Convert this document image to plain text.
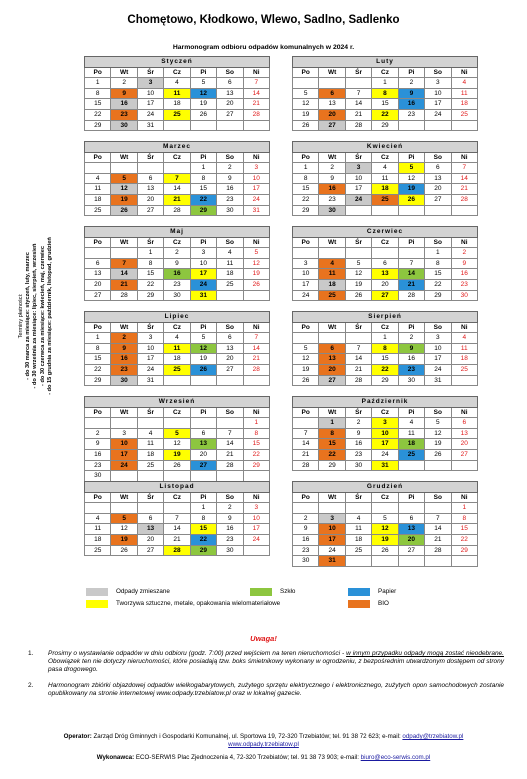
Chomętowo, Kłodkowo, Wlewo, Sadlno, Sadlenko
Harmonogram odbioru odpadów komunalnych w 2024 r.
Terminy płatności: - do 30 marca za miesiące: styczeń, luty, marzec - do 30 września za miesiące: lipiec, sierpień, wrzesień - do 30 czerwca za miesiące: kwiecień, maj, czerwiec - do 15 grudnia za miesiące: październik, listopad, grudzień
Styczeń						
Po	Wt	Śr	Cz	Pi	So	Ni
1	2	3	4	5	6	7
8	9	10	11	12	13	14
15	16	17	18	19	20	21
22	23	24	25	26	27	28
29	30	31				
Luty						
Po	Wt	Śr	Cz	Pi	So	Ni
			1	2	3	4
5	6	7	8	9	10	11
12	13	14	15	16	17	18
19	20	21	22	23	24	25
26	27	28	29			
Marzec						
Po	Wt	Śr	Cz	Pi	So	Ni
				1	2	3
4	5	6	7	8	9	10
11	12	13	14	15	16	17
18	19	20	21	22	23	24
25	26	27	28	29	30	31
Kwiecień						
Po	Wt	Śr	Cz	Pi	So	Ni
1	2	3	4	5	6	7
8	9	10	11	12	13	14
15	16	17	18	19	20	21
22	23	24	25	26	27	28
29	30					
Maj						
Po	Wt	Śr	Cz	Pi	So	Ni
		1	2	3	4	5
6	7	8	9	10	11	12
13	14	15	16	17	18	19
20	21	22	23	24	25	26
27	28	29	30	31		
Czerwiec						
Po	Wt	Śr	Cz	Pi	So	Ni
					1	2
3	4	5	6	7	8	9
10	11	12	13	14	15	16
17	18	19	20	21	22	23
24	25	26	27	28	29	30
Lipiec						
Po	Wt	Śr	Cz	Pi	So	Ni
1	2	3	4	5	6	7
8	9	10	11	12	13	14
15	16	17	18	19	20	21
22	23	24	25	26	27	28
29	30	31				
Sierpień						
Po	Wt	Śr	Cz	Pi	So	Ni
			1	2	3	4
5	6	7	8	9	10	11
12	13	14	15	16	17	18
19	20	21	22	23	24	25
26	27	28	29	30	31	
Wrzesień						
Po	Wt	Śr	Cz	Pi	So	Ni
						1
2	3	4	5	6	7	8
9	10	11	12	13	14	15
16	17	18	19	20	21	22
23	24	25	26	27	28	29
30						
Październik						
Po	Wt	Śr	Cz	Pi	So	Ni
	1	2	3	4	5	6
7	8	9	10	11	12	13
14	15	16	17	18	19	20
21	22	23	24	25	26	27
28	29	30	31			
Listopad						
Po	Wt	Śr	Cz	Pi	So	Ni
				1	2	3
4	5	6	7	8	9	10
11	12	13	14	15	16	17
18	19	20	21	22	23	24
25	26	27	28	29	30	
Grudzień						
Po	Wt	Śr	Cz	Pi	So	Ni
						1
2	3	4	5	6	7	8
9	10	11	12	13	14	15
16	17	18	19	20	21	22
23	24	25	26	27	28	29
30	31					
Odpady zmieszane	Szkło	Papier
Tworzywa sztuczne, metale, opakowania wielomateriałowe	BIO
Uwaga!
1. Prosimy o wystawianie odpadów w dniu odbioru (godz. 7:00) przed wejściem na teren nieruchomości - w innym przypadku odpady mogą zostać nieodebrane. Obowiązek ten nie dotyczy nieruchomości, które posiadają tzw. boks śmietnikowy wykonany w ogrodzeniu, z bezpośrednim utwardzonym dostępem od strony pasa drogowego.
2. Harmonogram zbiórki objazdowej odpadów wielkogabarytowych, zużytego sprzętu elektrycznego i elektronicznego, zużytych opon samochodowych zostanie opublikowany na stronie internetowej www.odpady.trzebiatow.pl oraz w lokalnej gazecie.
Operator: Zarząd Dróg Gminnych i Gospodarki Komunalnej, ul. Sportowa 19, 72-320 Trzebiatów; tel. 91 38 72 623; e-mail: odpady@trzebiatow.pl
www.odpady.trzebiatow.pl
Wykonawca: ECO-SERWIS Plac Zjednoczenia 4, 72-320 Trzebiatów; tel. 91 38 73 903; e-mail: biuro@eco-serwis.com.pl
